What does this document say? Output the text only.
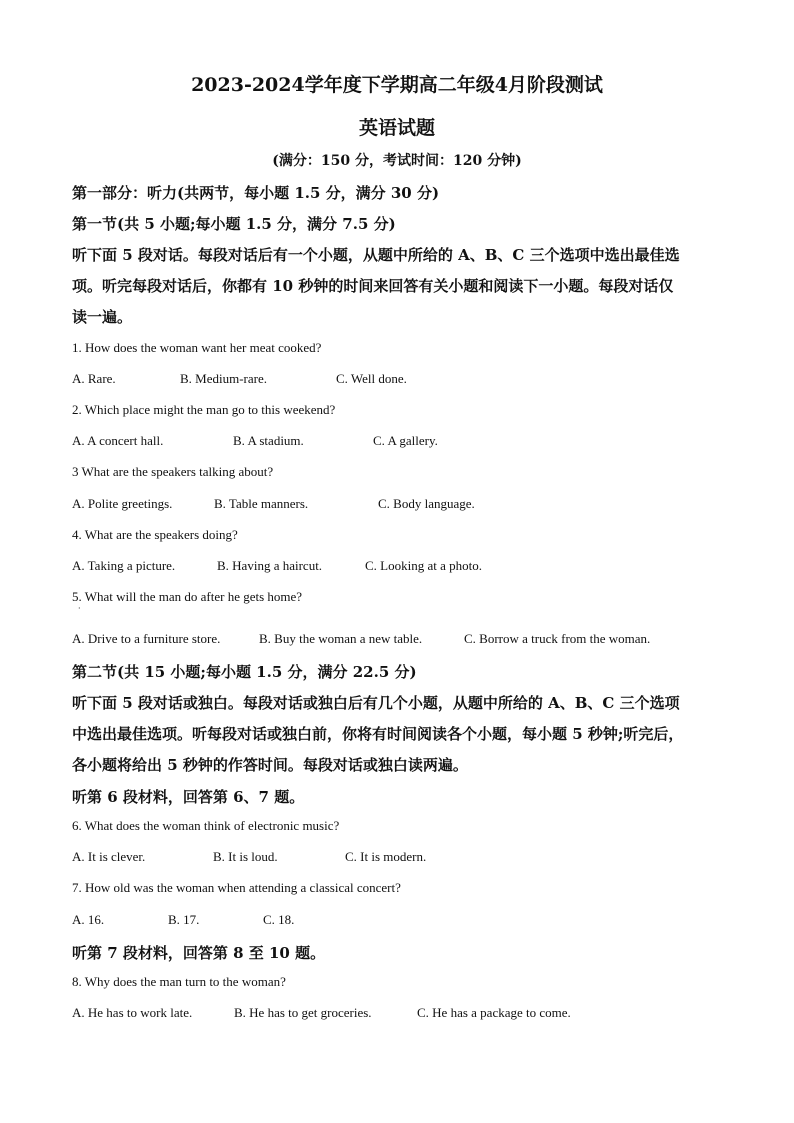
2023-2024学年度下学期高二年级4月阶段测试
英语试题
(满分：150 分，考试时间：120 分钟)
第一部分：听力(共两节，每小题 1.5 分，满分 30 分)
第一节(共 5 小题;每小题 1.5 分，满分 7.5 分)
听下面 5 段对话。每段对话后有一个小题，从题中所给的 A、B、C 三个选项中选出最佳选
项。听完每段对话后，你都有 10 秒钟的时间来回答有关小题和阅读下一小题。每段对话仅
读一遍。
1. How does the woman want her meat cooked?
A. Rare.	B. Medium-rare.	C. Well done.
2. Which place might the man go to this weekend?
A. A concert hall.	B. A stadium.	C. A gallery.
3 What are the speakers talking about?
A. Polite greetings.	B. Table manners.	C. Body language.
4. What are the speakers doing?
A. Taking a picture.	B. Having a haircut.	C. Looking at a photo.
5. What will the man do after he gets home?
·
A. Drive to a furniture store.	B. Buy the woman a new table.	C. Borrow a truck from the woman.
第二节(共 15 小题;每小题 1.5 分，满分 22.5 分)
听下面 5 段对话或独白。每段对话或独白后有几个小题，从题中所给的 A、B、C 三个选项
中选出最佳选项。听每段对话或独白前，你将有时间阅读各个小题，每小题 5 秒钟;听完后，
各小题将给出 5 秒钟的作答时间。每段对话或独白读两遍。
听第 6 段材料，回答第 6、7 题。
6. What does the woman think of electronic music?
A. It is clever.	B. It is loud.	C. It is modern.
7. How old was the woman when attending a classical concert?
A. 16.	B. 17.	C. 18.
听第 7 段材料，回答第 8 至 10 题。
8. Why does the man turn to the woman?
A. He has to work late.	B. He has to get groceries.	C. He has a package to come.
